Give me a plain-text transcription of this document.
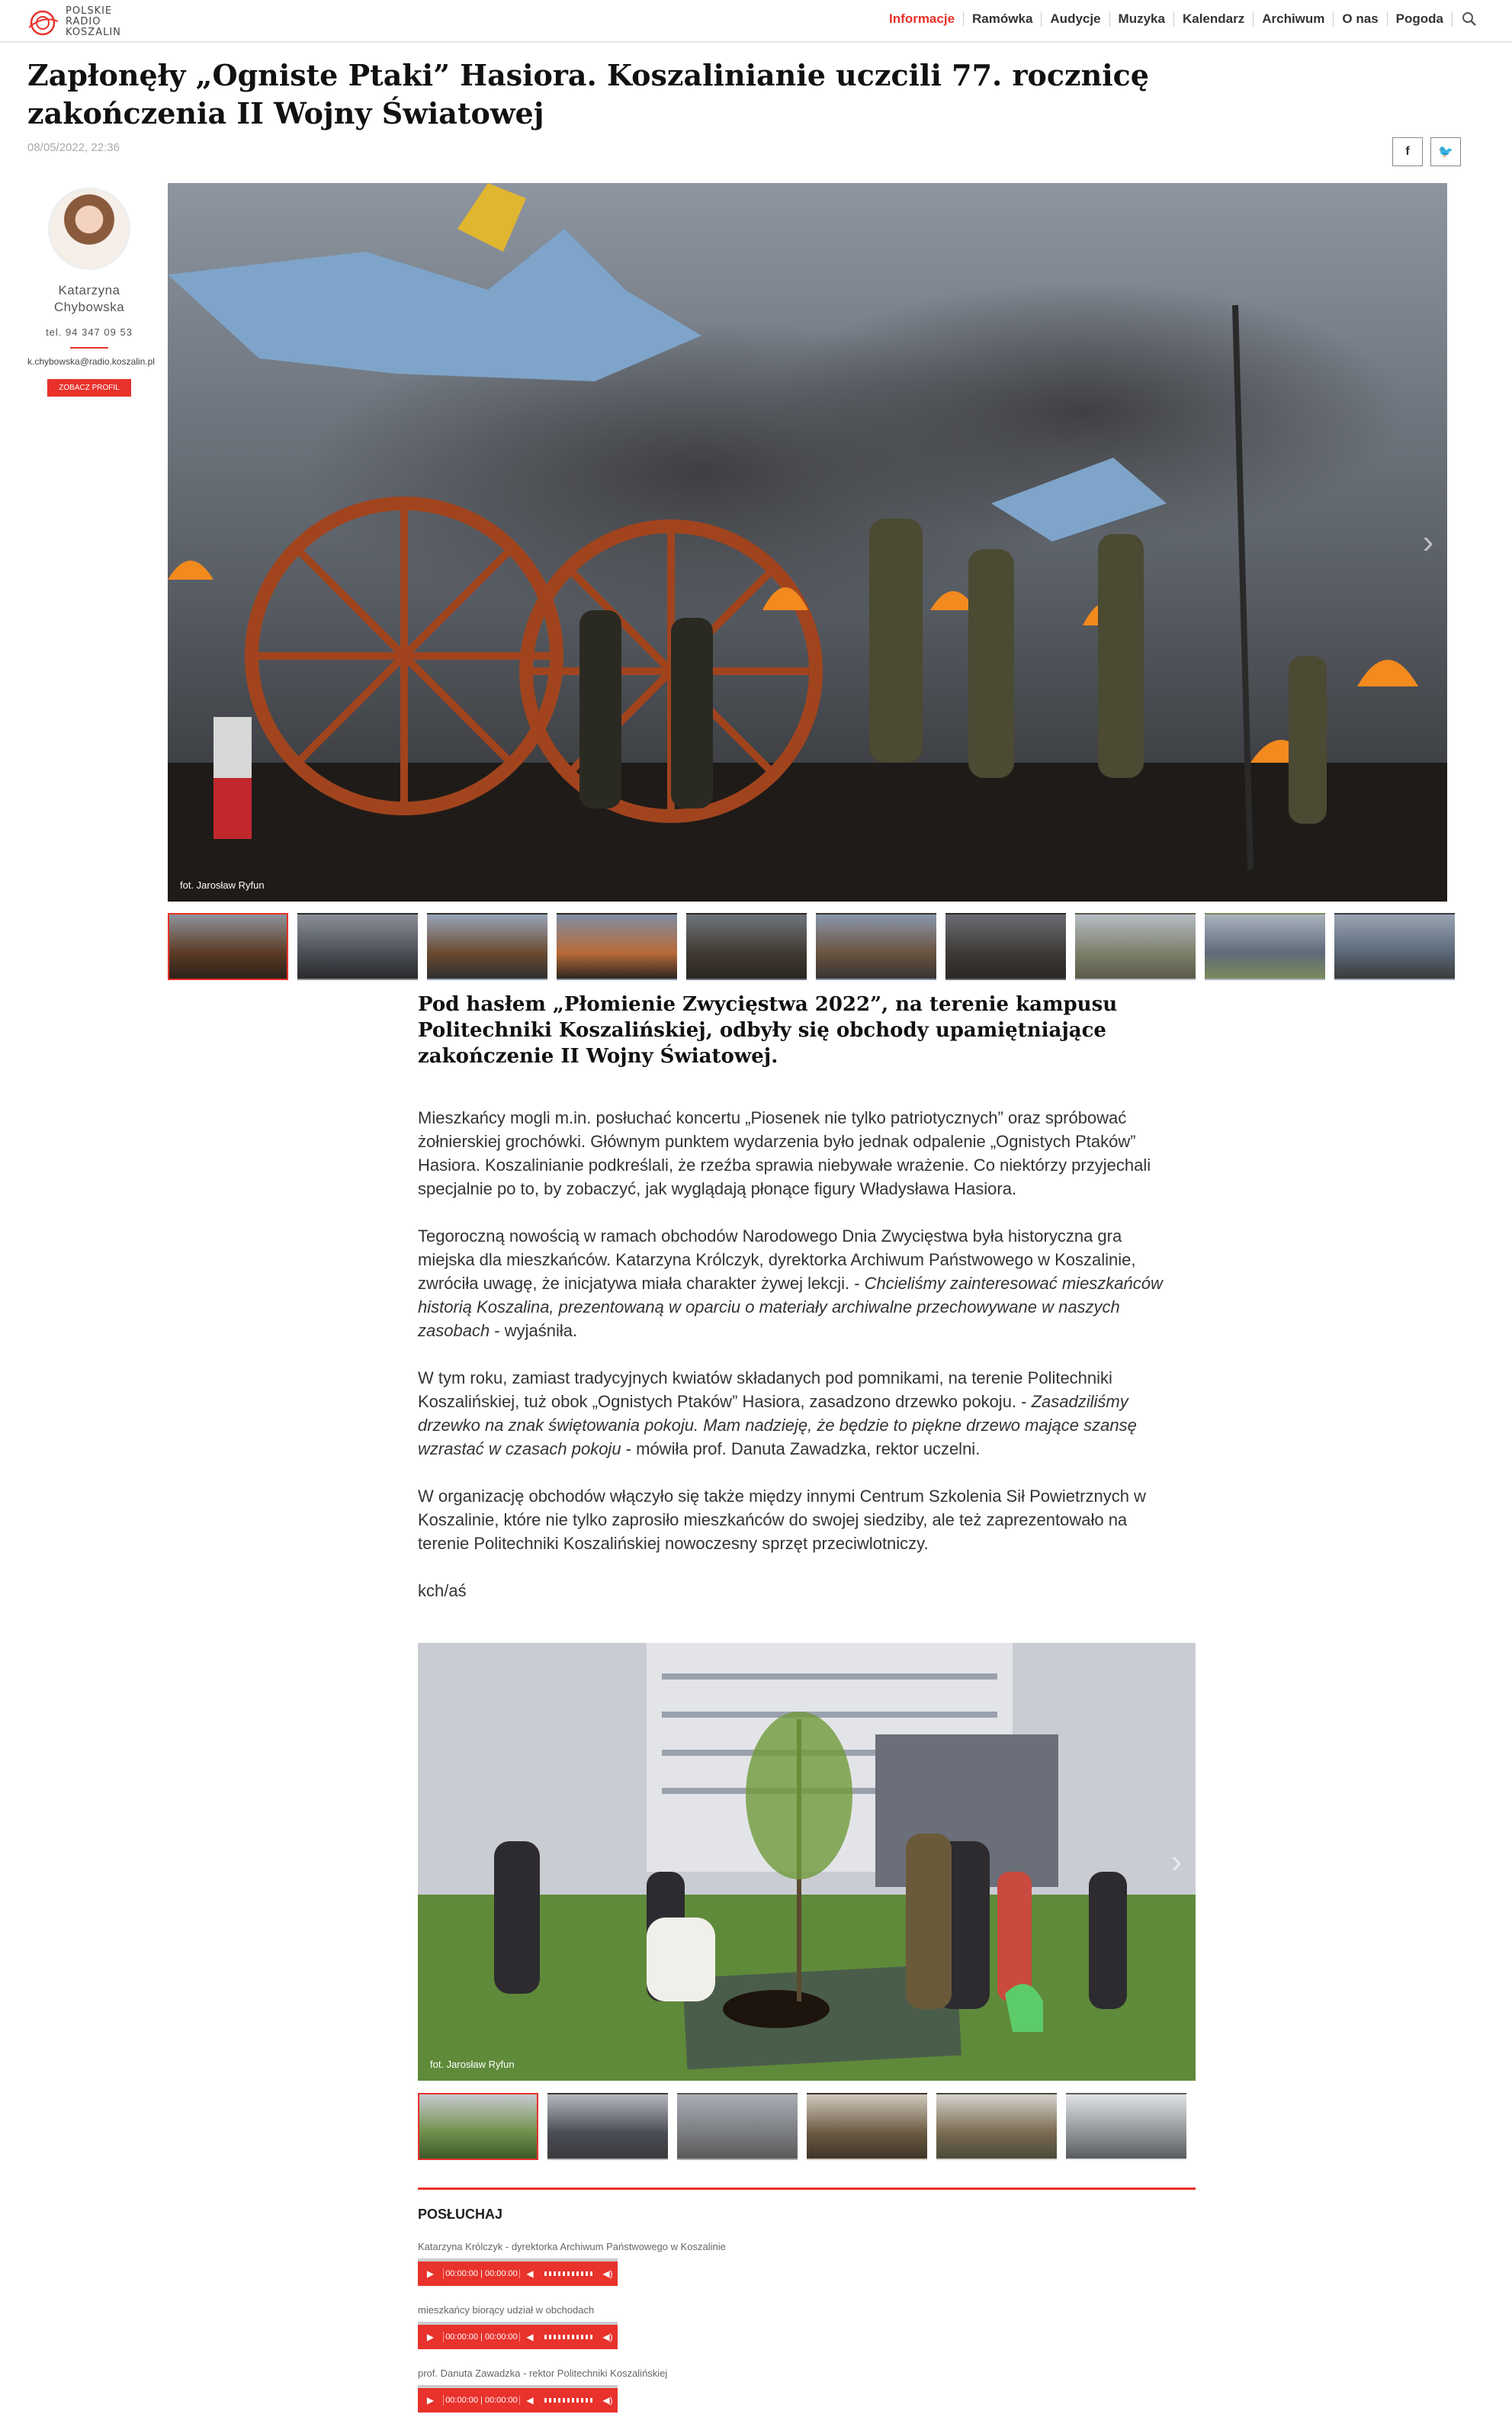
POLSKIE
RADIO
KOSZALIN
Informacje	Ramówka	Audycje	Muzyka	Kalendarz	Archiwum	O nas	Pogoda
Zapłonęły „Ogniste Ptaki” Hasiora. Koszalinianie uczcili 77. rocznicę zakończenia II Wojny Światowej
08/05/2022, 22:36	f 🐦
Katarzyna Chybowska
tel. 94 347 09 53
k.chybowska@radio.koszalin.pl
ZOBACZ PROFIL
fot. Jarosław Ryfun
›
Pod hasłem „Płomienie Zwycięstwa 2022”, na terenie kampusu Politechniki Koszalińskiej, odbyły się obchody upamiętniające zakończenie II Wojny Światowej.

Mieszkańcy mogli m.in. posłuchać koncertu „Piosenek nie tylko patriotycznych” oraz spróbować żołnierskiej grochówki. Głównym punktem wydarzenia było jednak odpalenie „Ognistych Ptaków” Hasiora. Koszalinianie podkreślali, że rzeźba sprawia niebywałe wrażenie. Co niektórzy przyjechali specjalnie po to, by zobaczyć, jak wyglądają płonące figury Władysława Hasiora.

Tegoroczną nowością w ramach obchodów Narodowego Dnia Zwycięstwa była historyczna gra miejska dla mieszkańców. Katarzyna Królczyk, dyrektorka Archiwum Państwowego w Koszalinie, zwróciła uwagę, że inicjatywa miała charakter żywej lekcji. - Chcieliśmy zainteresować mieszkańców historią Koszalina, prezentowaną w oparciu o materiały archiwalne przechowywane w naszych zasobach - wyjaśniła.

W tym roku, zamiast tradycyjnych kwiatów składanych pod pomnikami, na terenie Politechniki Koszalińskiej, tuż obok „Ognistych Ptaków” Hasiora, zasadzono drzewko pokoju. - Zasadziliśmy drzewko na znak świętowania pokoju. Mam nadzieję, że będzie to piękne drzewo mające szansę wzrastać w czasach pokoju - mówiła prof. Danuta Zawadzka, rektor uczelni.

W organizację obchodów włączyło się także między innymi Centrum Szkolenia Sił Powietrznych w Koszalinie, które nie tylko zaprosiło mieszkańców do swojej siedziby, ale też zaprezentowało na terenie Politechniki Koszalińskiej nowoczesny sprzęt przeciwlotniczy.

kch/aś

fot. Jarosław Ryfun
›
POSŁUCHAJ
Katarzyna Królczyk - dyrektorka Archiwum Państwowego w Koszalinie
▶	00:00:00 | 00:00:00 ◀	◀)
mieszkańcy biorący udział w obchodach
▶	00:00:00 | 00:00:00 ◀	◀)
prof. Danuta Zawadzka - rektor Politechniki Koszalińskiej
▶	00:00:00 | 00:00:00 ◀	◀)
